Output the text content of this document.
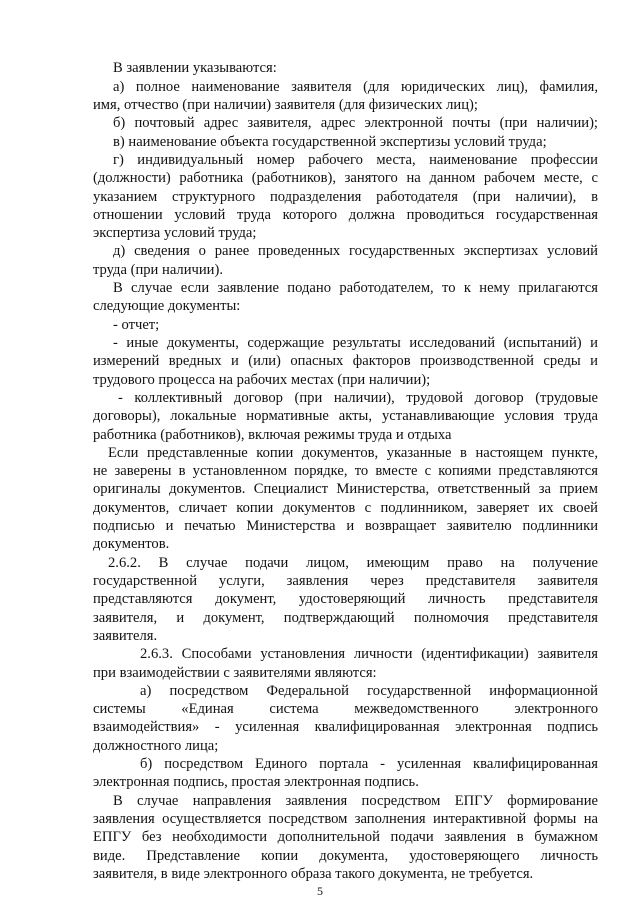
В заявлении указываются:
а) полное наименование заявителя (для юридических лиц), фамилия,
имя, отчество (при наличии) заявителя (для физических лиц);
б) почтовый адрес заявителя, адрес электронной почты (при наличии);
в) наименование объекта государственной экспертизы условий труда;
г) индивидуальный номер рабочего места, наименование профессии
(должности) работника (работников), занятого на данном рабочем месте, с
указанием структурного подразделения работодателя (при наличии), в
отношении условий труда которого должна проводиться государственная
экспертиза условий труда;
д) сведения о ранее проведенных государственных экспертизах условий
труда (при наличии).
В случае если заявление подано работодателем, то к нему прилагаются
следующие документы:
- отчет;
- иные документы, содержащие результаты исследований (испытаний) и
измерений вредных и (или) опасных факторов производственной среды и
трудового процесса на рабочих местах (при наличии);
- коллективный договор (при наличии), трудовой договор (трудовые
договоры), локальные нормативные акты, устанавливающие условия труда
работника (работников), включая режимы труда и отдыха
Если представленные копии документов, указанные в настоящем пункте,
не заверены в установленном порядке, то вместе с копиями представляются
оригиналы документов. Специалист Министерства, ответственный за прием
документов, сличает копии документов с подлинником, заверяет их своей
подписью и печатью Министерства и возвращает заявителю подлинники
документов.
2.6.2. В случае подачи лицом, имеющим право на получение
государственной услуги, заявления через представителя заявителя
представляются документ, удостоверяющий личность представителя
заявителя, и документ, подтверждающий полномочия представителя
заявителя.
2.6.3. Способами установления личности (идентификации) заявителя
при взаимодействии с заявителями являются:
а) посредством Федеральной государственной информационной
системы «Единая система межведомственного электронного
взаимодействия» - усиленная квалифицированная электронная подпись
должностного лица;
б) посредством Единого портала - усиленная квалифицированная
электронная подпись, простая электронная подпись.
В случае направления заявления посредством ЕПГУ формирование
заявления осуществляется посредством заполнения интерактивной формы на
ЕПГУ без необходимости дополнительной подачи заявления в бумажном
виде. Представление копии документа, удостоверяющего личность
заявителя, в виде электронного образа такого документа, не требуется.
5
